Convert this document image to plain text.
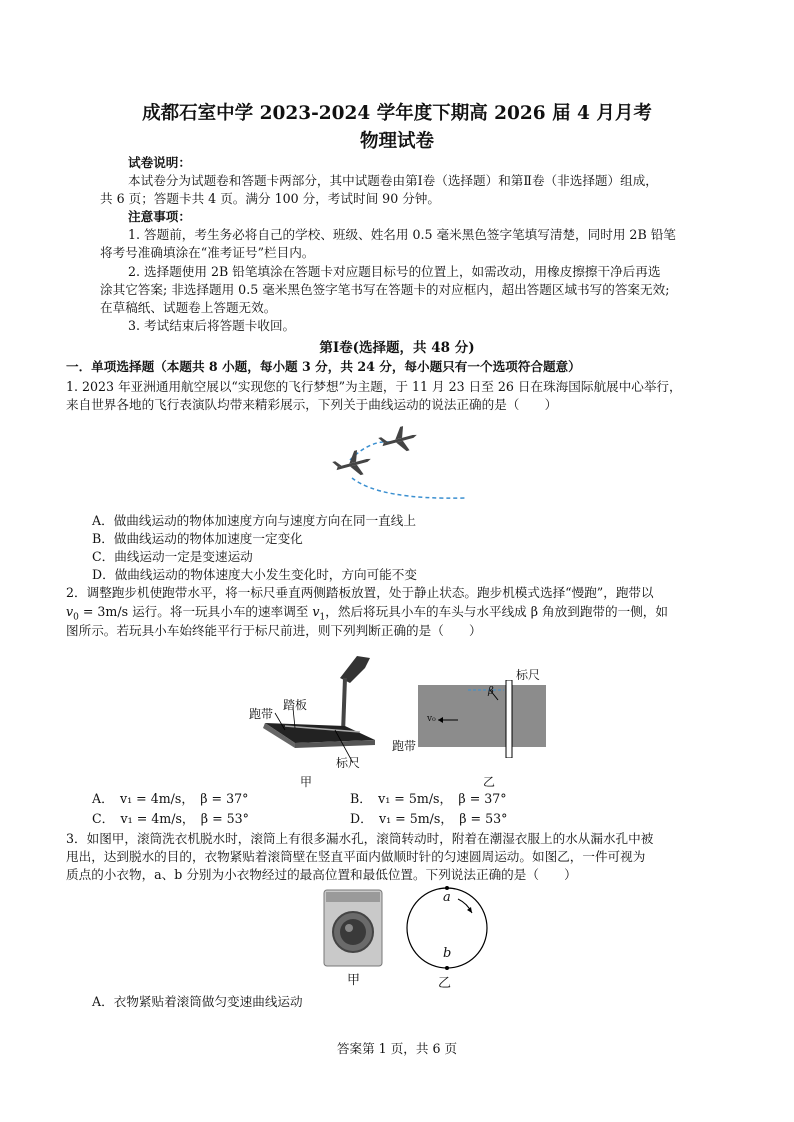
成都石室中学 2023-2024 学年度下期高 2026 届 4 月月考
物理试卷
试卷说明：
本试卷分为试题卷和答题卡两部分，其中试题卷由第Ⅰ卷（选择题）和第Ⅱ卷（非选择题）组成，
共 6 页；答题卡共 4 页。满分 100 分，考试时间 90 分钟。
注意事项：
1. 答题前，考生务必将自己的学校、班级、姓名用 0.5 毫米黑色签字笔填写清楚，同时用 2B 铅笔
将考号准确填涂在“准考证号”栏目内。
2. 选择题使用 2B 铅笔填涂在答题卡对应题目标号的位置上，如需改动，用橡皮擦擦干净后再选
涂其它答案; 非选择题用 0.5 毫米黑色签字笔书写在答题卡的对应框内，超出答题区域书写的答案无效;
在草稿纸、试题卷上答题无效。
3. 考试结束后将答题卡收回。
第Ⅰ卷(选择题，共 48 分)
一．单项选择题（本题共 8 小题，每小题 3 分，共 24 分，每小题只有一个选项符合题意）
1. 2023 年亚洲通用航空展以“实现您的飞行梦想”为主题，于 11 月 23 日至 26 日在珠海国际航展中心举行，
来自世界各地的飞行表演队均带来精彩展示，下列关于曲线运动的说法正确的是（　　）
A．做曲线运动的物体加速度方向与速度方向在同一直线上
B．做曲线运动的物体加速度一定变化
C．曲线运动一定是变速运动
D．做曲线运动的物体速度大小发生变化时，方向可能不变
2．调整跑步机使跑带水平，将一标尺垂直两侧踏板放置，处于静止状态。跑步机模式选择“慢跑”，跑带以
$v_0 = 3m/s$ 运行。将一玩具小车的速率调至 $v_1$，然后将玩具小车的车头与水平线成 β 角放到跑带的一侧，如
图所示。若玩具小车始终能平行于标尺前进，则下列判断正确的是（　　）
跑带
踏板
标尺
甲
v₀
β
标尺
跑带
乙
A．　v₁ = 4m/s，　β = 37°	B．　v₁ = 5m/s，　β = 37°
C．　v₁ = 4m/s，　β = 53°	D．　v₁ = 5m/s，　β = 53°
3．如图甲，滚筒洗衣机脱水时，滚筒上有很多漏水孔，滚筒转动时，附着在潮湿衣服上的水从漏水孔中被
甩出，达到脱水的目的，衣物紧贴着滚筒壁在竖直平面内做顺时针的匀速圆周运动。如图乙，一件可视为
质点的小衣物，a、b 分别为小衣物经过的最高位置和最低位置。下列说法正确的是（　　）
甲
a
b
乙
A．衣物紧贴着滚筒做匀变速曲线运动
答案第 1 页，共 6 页
